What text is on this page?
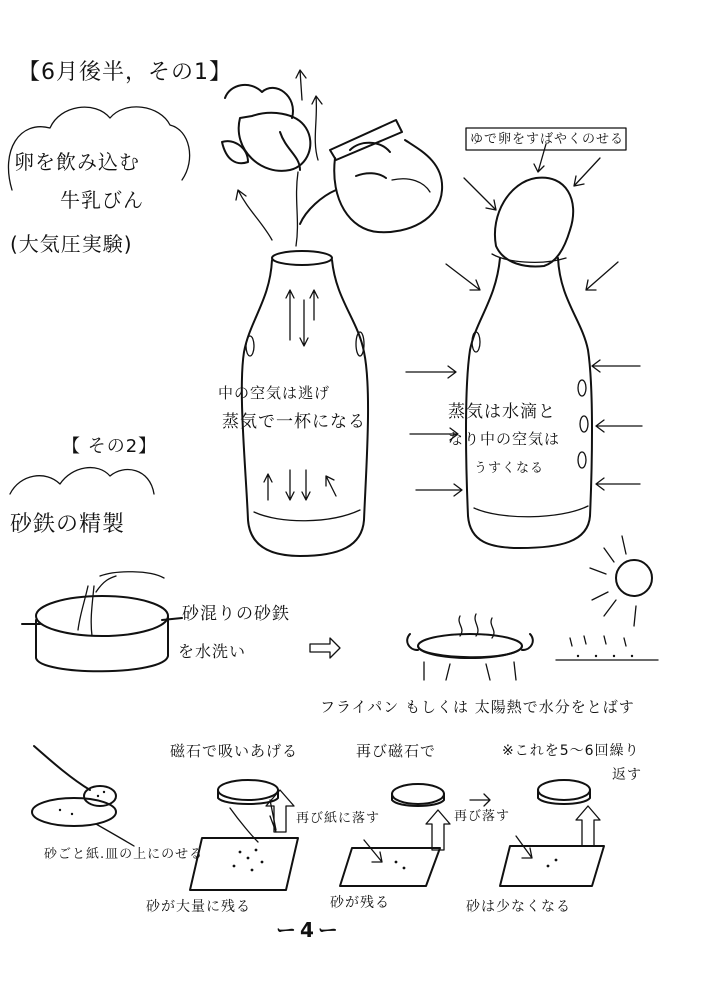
【6月後半，その1】
卵を飲み込む
牛乳びん
(大気圧実験)
ゆで卵をすばやくのせる
中の空気は逃げ
蒸気で一杯になる	蒸気は水滴と
なり中の空気は
うすくなる
【 その2】
砂鉄の精製
砂混りの砂鉄
を水洗い
フライパン もしくは 太陽熱で水分をとばす
磁石で吸いあげる	再び磁石で	※これを5〜6回繰り
返す
再び紙に落す	再び落す
砂ごと紙.皿の上にのせる
砂が大量に残る	砂が残る	砂は少なくなる
ー4ー
